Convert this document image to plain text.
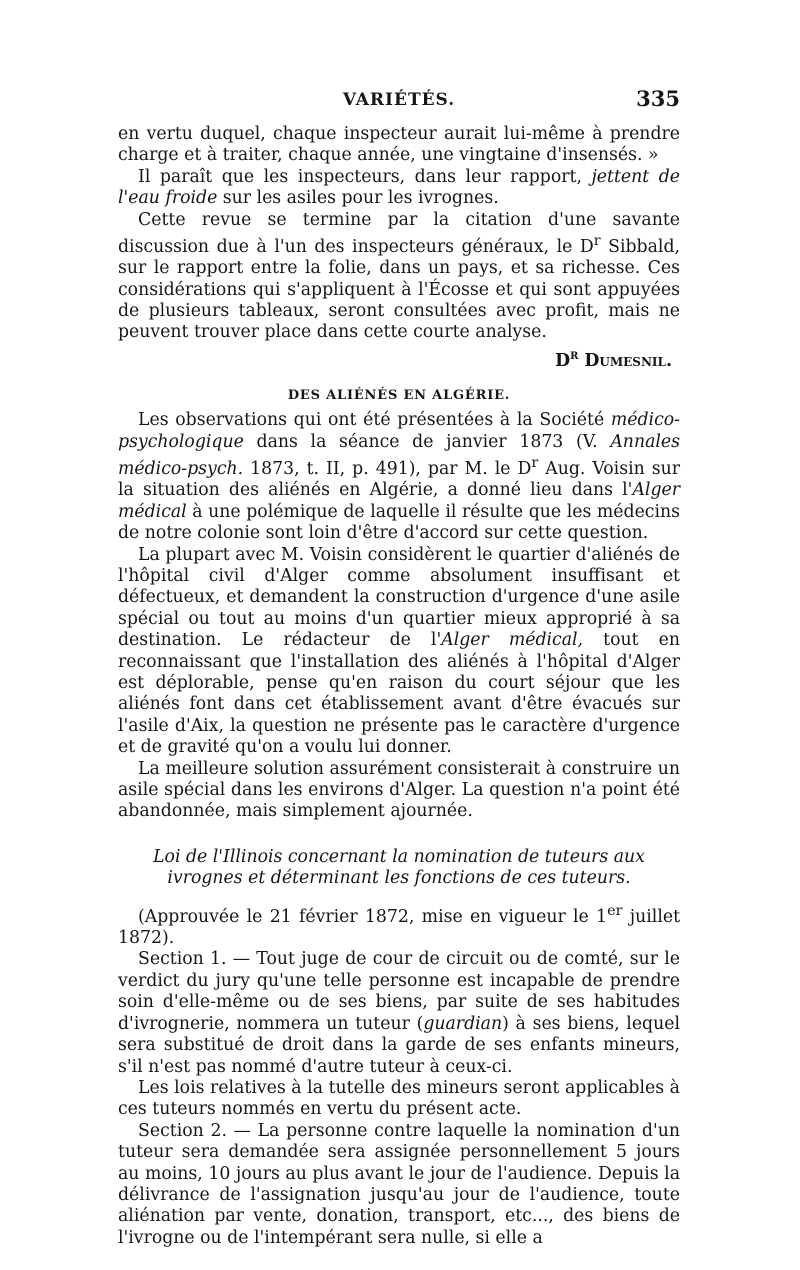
VARIÉTÉS.	335

en vertu duquel, chaque inspecteur aurait lui-même à prendre charge et à traiter, chaque année, une vingtaine d'insensés. »

Il paraît que les inspecteurs, dans leur rapport, jettent de l'eau froide sur les asiles pour les ivrognes.

Cette revue se termine par la citation d'une savante discussion due à l'un des inspecteurs généraux, le $D^r$ Sibbald, sur le rapport entre la folie, dans un pays, et sa richesse. Ces considérations qui s'appliquent à l'Écosse et qui sont appuyées de plusieurs tableaux, seront consultées avec profit, mais ne peuvent trouver place dans cette courte analyse.

$D^r$ Dumesnil.

DES ALIÉNÉS EN ALGÉRIE.

Les observations qui ont été présentées à la Société médico-psychologique dans la séance de janvier 1873 (V. Annales médico-psych. 1873, t. II, p. 491), par M. le $D^r$ Aug. Voisin sur la situation des aliénés en Algérie, a donné lieu dans l'Alger médical à une polémique de laquelle il résulte que les médecins de notre colonie sont loin d'être d'accord sur cette question.

La plupart avec M. Voisin considèrent le quartier d'aliénés de l'hôpital civil d'Alger comme absolument insuffisant et défectueux, et demandent la construction d'urgence d'une asile spécial ou tout au moins d'un quartier mieux approprié à sa destination. Le rédacteur de l'Alger médical, tout en reconnaissant que l'installation des aliénés à l'hôpital d'Alger est déplorable, pense qu'en raison du court séjour que les aliénés font dans cet établissement avant d'être évacués sur l'asile d'Aix, la question ne présente pas le caractère d'urgence et de gravité qu'on a voulu lui donner.

La meilleure solution assurément consisterait à construire un asile spécial dans les environs d'Alger. La question n'a point été abandonnée, mais simplement ajournée.

Loi de l'Illinois concernant la nomination de tuteurs aux ivrognes et déterminant les fonctions de ces tuteurs.

(Approuvée le 21 février 1872, mise en vigueur le 1er juillet 1872).

Section 1. — Tout juge de cour de circuit ou de comté, sur le verdict du jury qu'une telle personne est incapable de prendre soin d'elle-même ou de ses biens, par suite de ses habitudes d'ivrognerie, nommera un tuteur (guardian) à ses biens, lequel sera substitué de droit dans la garde de ses enfants mineurs, s'il n'est pas nommé d'autre tuteur à ceux-ci.

Les lois relatives à la tutelle des mineurs seront applicables à ces tuteurs nommés en vertu du présent acte.

Section 2. — La personne contre laquelle la nomination d'un tuteur sera demandée sera assignée personnellement 5 jours au moins, 10 jours au plus avant le jour de l'audience. Depuis la délivrance de l'assignation jusqu'au jour de l'audience, toute aliénation par vente, donation, transport, etc..., des biens de l'ivrogne ou de l'intempérant sera nulle, si elle a
